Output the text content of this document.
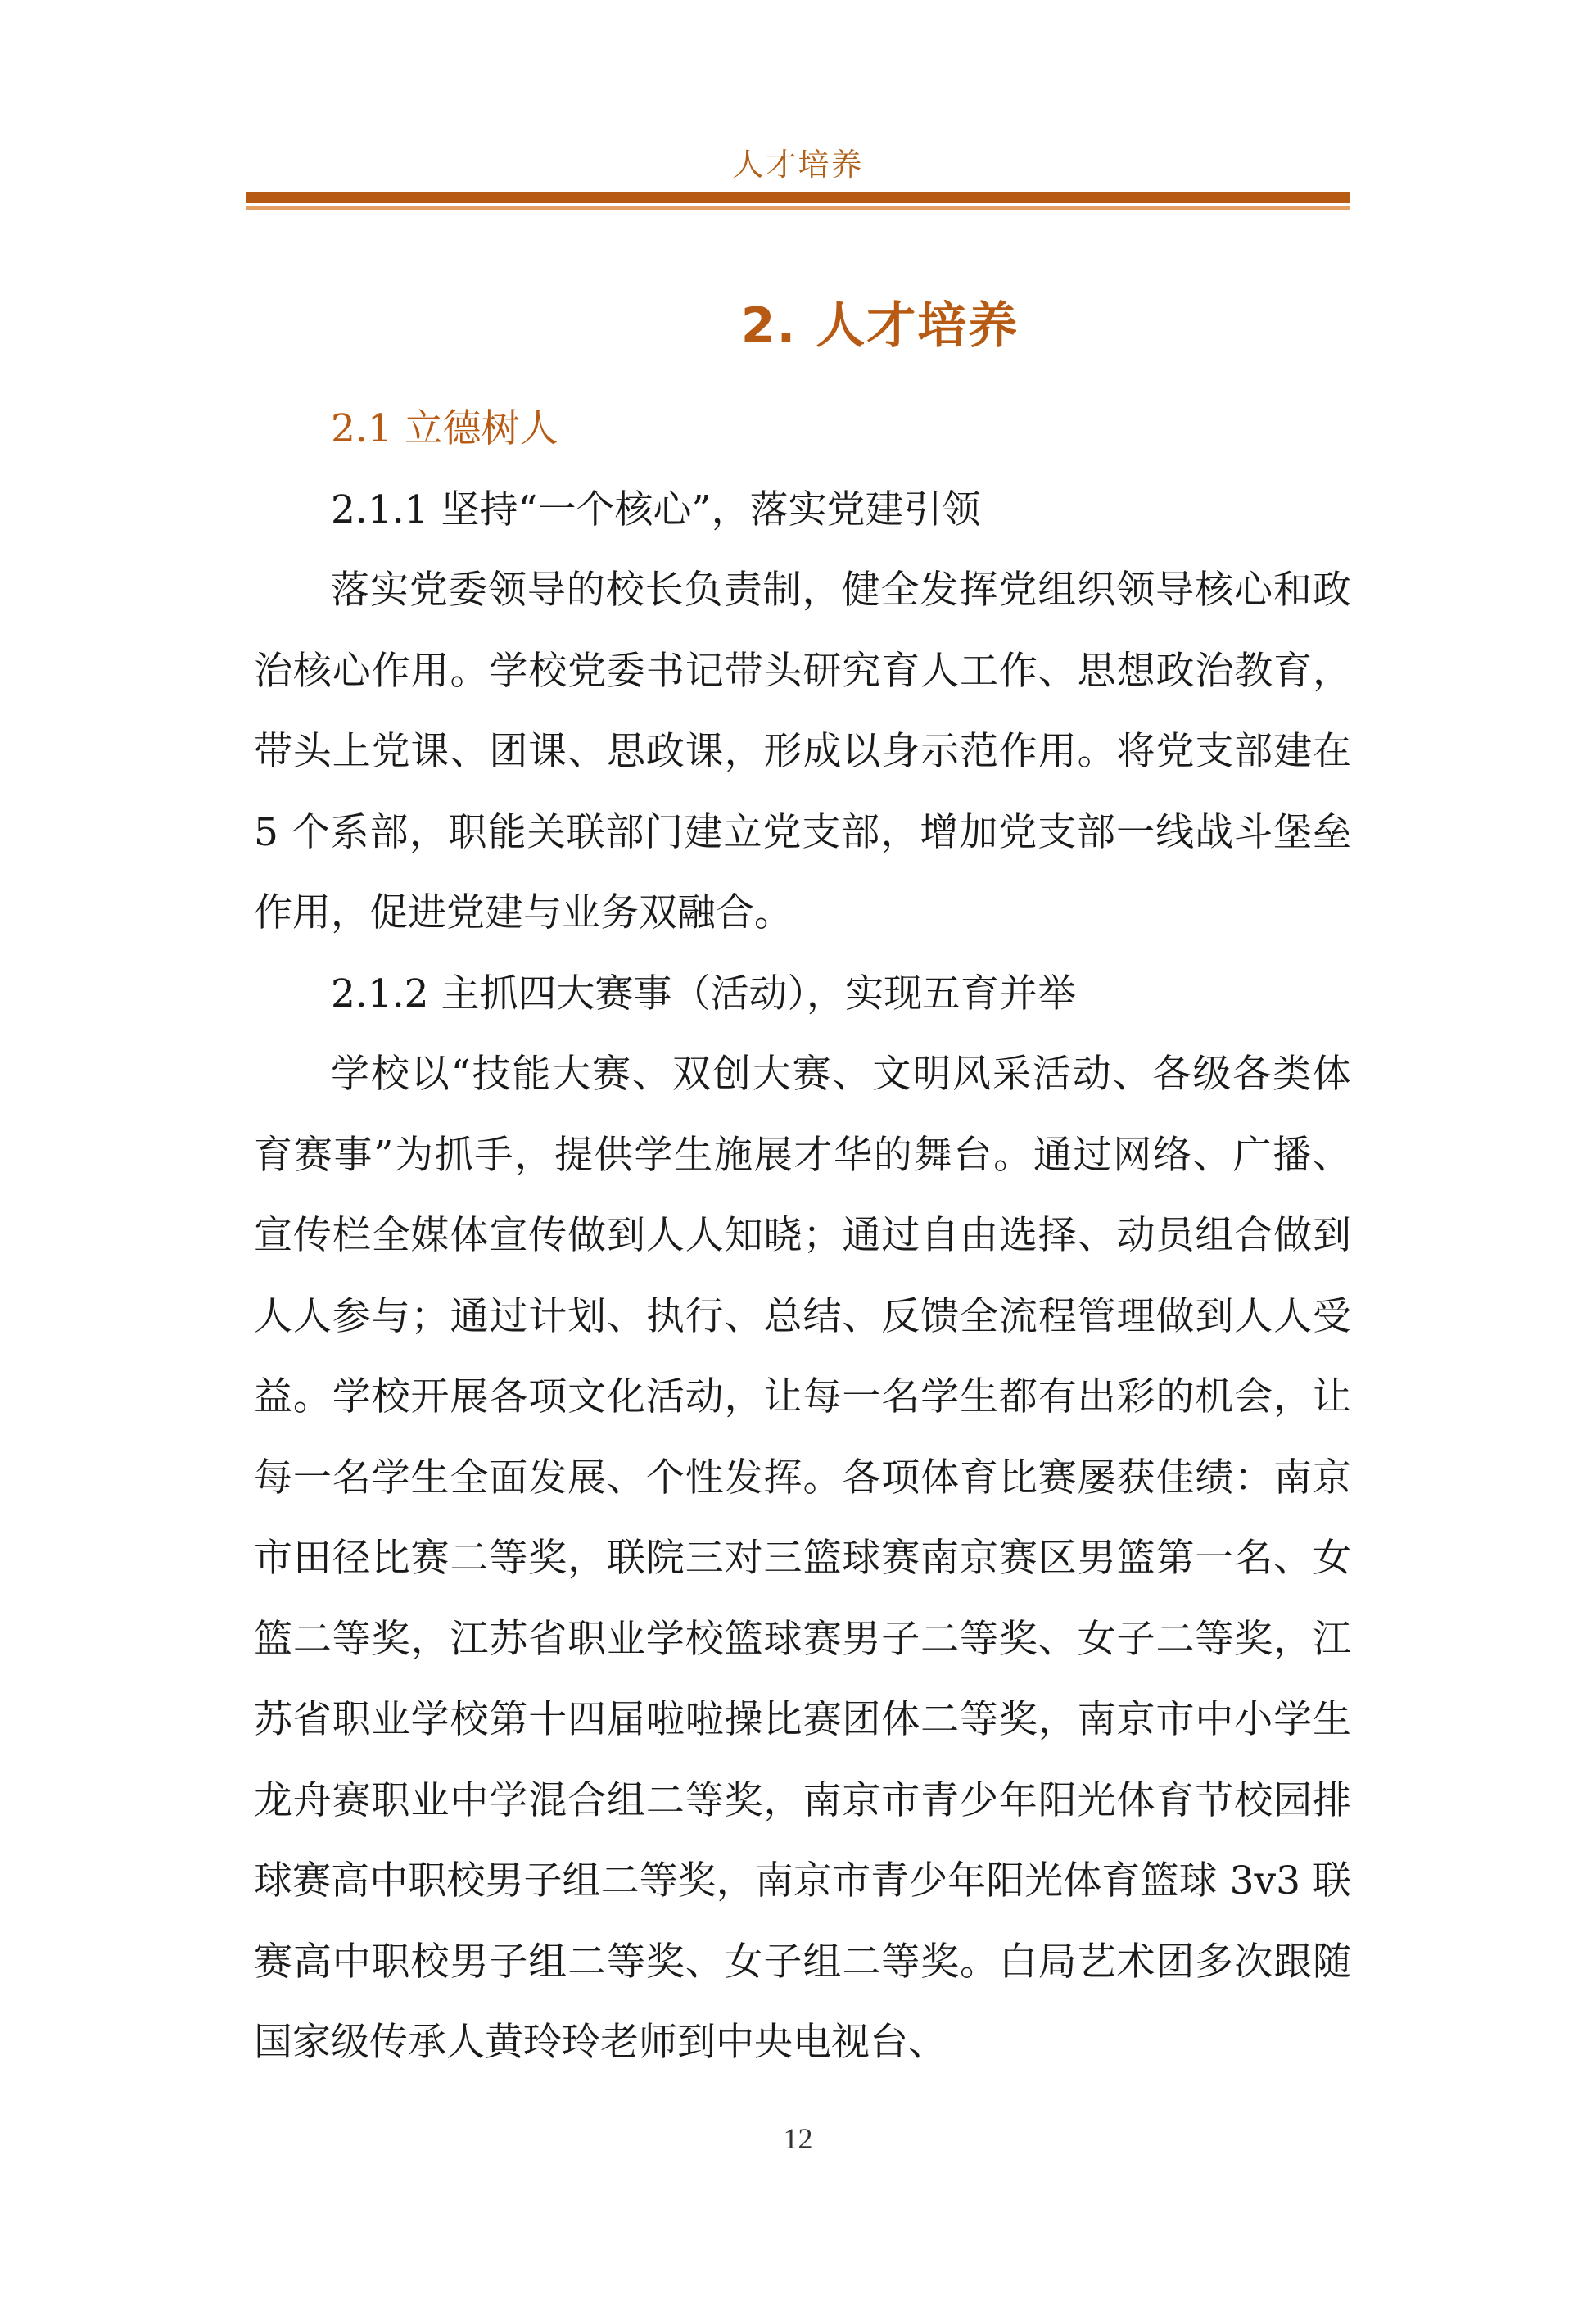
人才培养
2. 人才培养

2.1 立德树人

2.1.1 坚持“一个核心”，落实党建引领

落实党委领导的校长负责制，健全发挥党组织领导核心和政治核心作用。学校党委书记带头研究育人工作、思想政治教育，带头上党课、团课、思政课，形成以身示范作用。将党支部建在 5 个系部，职能关联部门建立党支部，增加党支部一线战斗堡垒作用，促进党建与业务双融合。

2.1.2 主抓四大赛事（活动），实现五育并举

学校以“技能大赛、双创大赛、文明风采活动、各级各类体育赛事”为抓手，提供学生施展才华的舞台。通过网络、广播、宣传栏全媒体宣传做到人人知晓；通过自由选择、动员组合做到人人参与；通过计划、执行、总结、反馈全流程管理做到人人受益。学校开展各项文化活动，让每一名学生都有出彩的机会，让每一名学生全面发展、个性发挥。各项体育比赛屡获佳绩：南京市田径比赛二等奖，联院三对三篮球赛南京赛区男篮第一名、女篮二等奖，江苏省职业学校篮球赛男子二等奖、女子二等奖，江苏省职业学校第十四届啦啦操比赛团体二等奖，南京市中小学生龙舟赛职业中学混合组二等奖，南京市青少年阳光体育节校园排球赛高中职校男子组二等奖，南京市青少年阳光体育篮球 3v3 联赛高中职校男子组二等奖、女子组二等奖。白局艺术团多次跟随国家级传承人黄玲玲老师到中央电视台、

12
